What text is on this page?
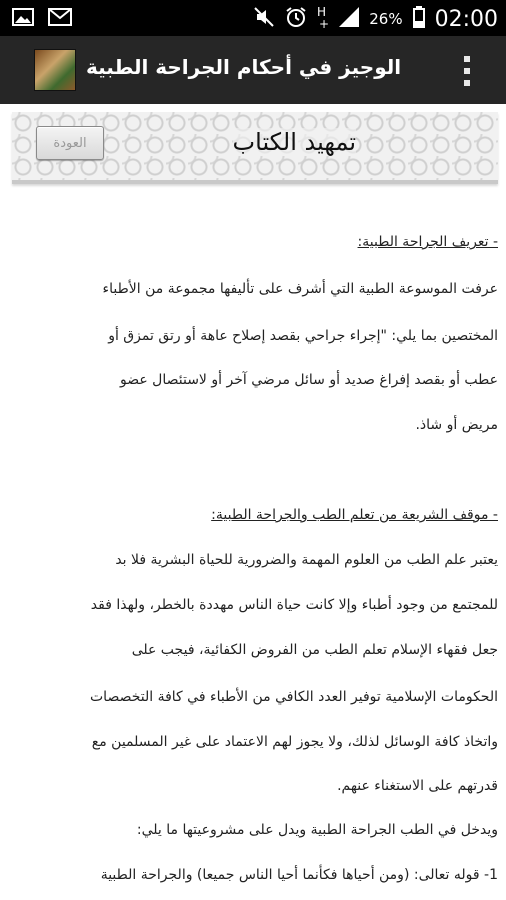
H
+	26% 02:00
الوجيز في أحكام الجراحة الطبية
تمهيد الكتاب
العودة
- تعريف الجراحة الطبية:
عرفت الموسوعة الطبية التي أشرف على تأليفها مجموعة من الأطباء
المختصين بما يلي: "إجراء جراحي بقصد إصلاح عاهة أو رتق تمزق أو
عطب أو بقصد إفراغ صديد أو سائل مرضي آخر أو لاستئصال عضو
مريض أو شاذ.
- موقف الشريعة من تعلم الطب والجراحة الطبية:
يعتبر علم الطب من العلوم المهمة والضرورية للحياة البشرية فلا بد
للمجتمع من وجود أطباء وإلا كانت حياة الناس مهددة بالخطر، ولهذا فقد
جعل فقهاء الإسلام تعلم الطب من الفروض الكفائية، فيجب على
الحكومات الإسلامية توفير العدد الكافي من الأطباء في كافة التخصصات
واتخاذ كافة الوسائل لذلك، ولا يجوز لهم الاعتماد على غير المسلمين مع
قدرتهم على الاستغناء عنهم.
ويدخل في الطب الجراحة الطبية ويدل على مشروعيتها ما يلي:
1- قوله تعالى: (ومن أحياها فكأنما أحيا الناس جميعا) والجراحة الطبية
